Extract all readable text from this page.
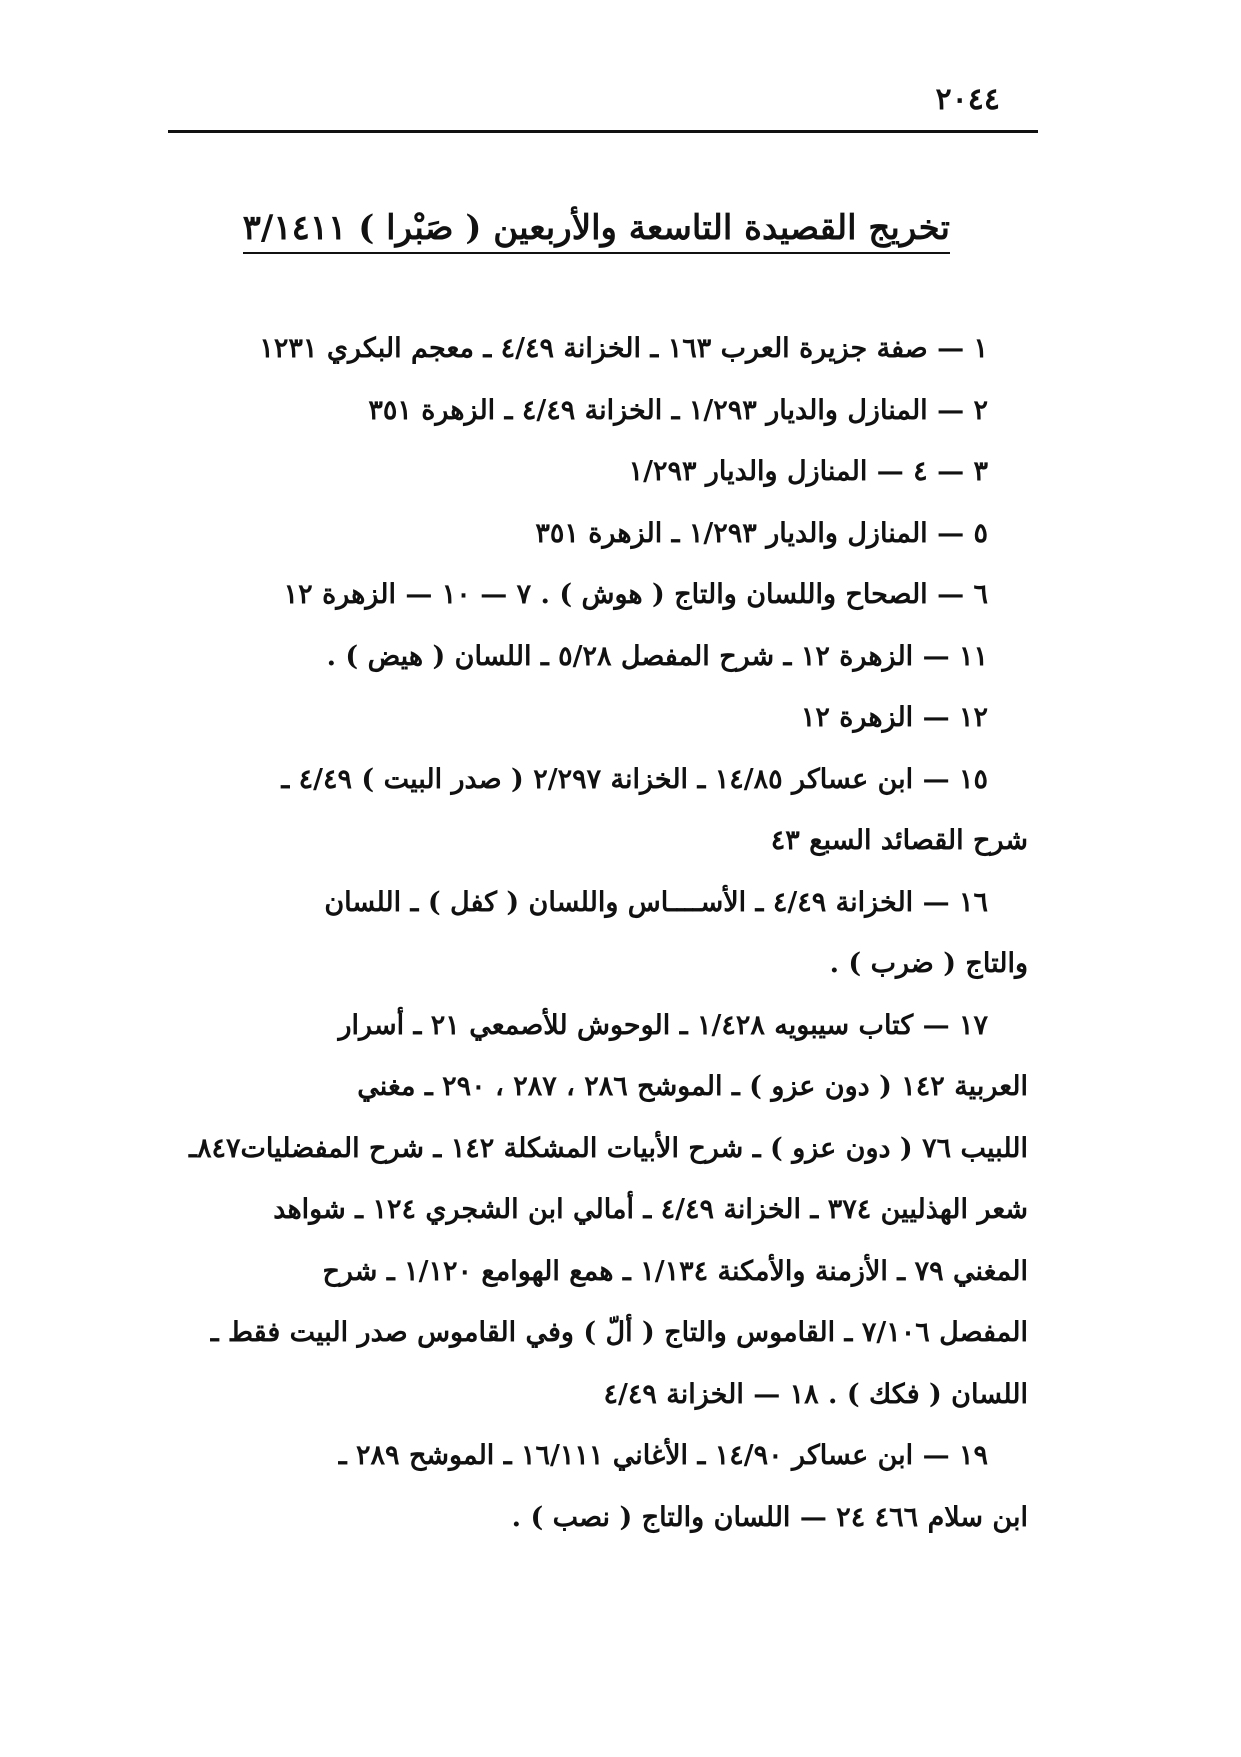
٢٠٤٤
تخريج القصيدة التاسعة والأربعين ( صَبْرا ) ٣/١٤١١
١ — صفة جزيرة العرب ١٦٣ ـ الخزانة ٤/٤٩ ـ معجم البكري ١٢٣١
٢ — المنازل والديار ١/٢٩٣ ـ الخزانة ٤/٤٩ ـ الزهرة ٣٥١
٣ — ٤ — المنازل والديار ١/٢٩٣
٥ — المنازل والديار ١/٢٩٣ ـ الزهرة ٣٥١
٦ — الصحاح واللسان والتاج ( هوش ) . ٧ — ١٠ — الزهرة ١٢
١١ — الزهرة ١٢ ـ شرح المفصل ٥/٢٨ ـ اللسان ( هيض ) .
١٢ — الزهرة ١٢
١٥ — ابن عساكر ١٤/٨٥ ـ الخزانة ٢/٢٩٧ ( صدر البيت ) ٤/٤٩ ـ
شرح القصائد السبع ٤٣
١٦ — الخزانة ٤/٤٩ ـ الأســــاس واللسان ( كفل ) ـ اللسان
والتاج ( ضرب ) .
١٧ — كتاب سيبويه ١/٤٢٨ ـ الوحوش للأصمعي ٢١ ـ أسرار
العربية ١٤٢ ( دون عزو ) ـ الموشح ٢٨٦ ، ٢٨٧ ، ٢٩٠ ـ مغني
اللبيب ٧٦ ( دون عزو ) ـ شرح الأبيات المشكلة ١٤٢ ـ شرح المفضليات٨٤٧ـ
شعر الهذليين ٣٧٤ ـ الخزانة ٤/٤٩ ـ أمالي ابن الشجري ١٢٤ ـ شواهد
المغني ٧٩ ـ الأزمنة والأمكنة ١/١٣٤ ـ همع الهوامع ١/١٢٠ ـ شرح
المفصل ٧/١٠٦ ـ القاموس والتاج ( ألّ ) وفي القاموس صدر البيت فقط ـ
اللسان ( فكك ) . ١٨ — الخزانة ٤/٤٩
١٩ — ابن عساكر ١٤/٩٠ ـ الأغاني ١٦/١١١ ـ الموشح ٢٨٩ ـ
ابن سلام ٤٦٦ ٢٤ — اللسان والتاج ( نصب ) .
